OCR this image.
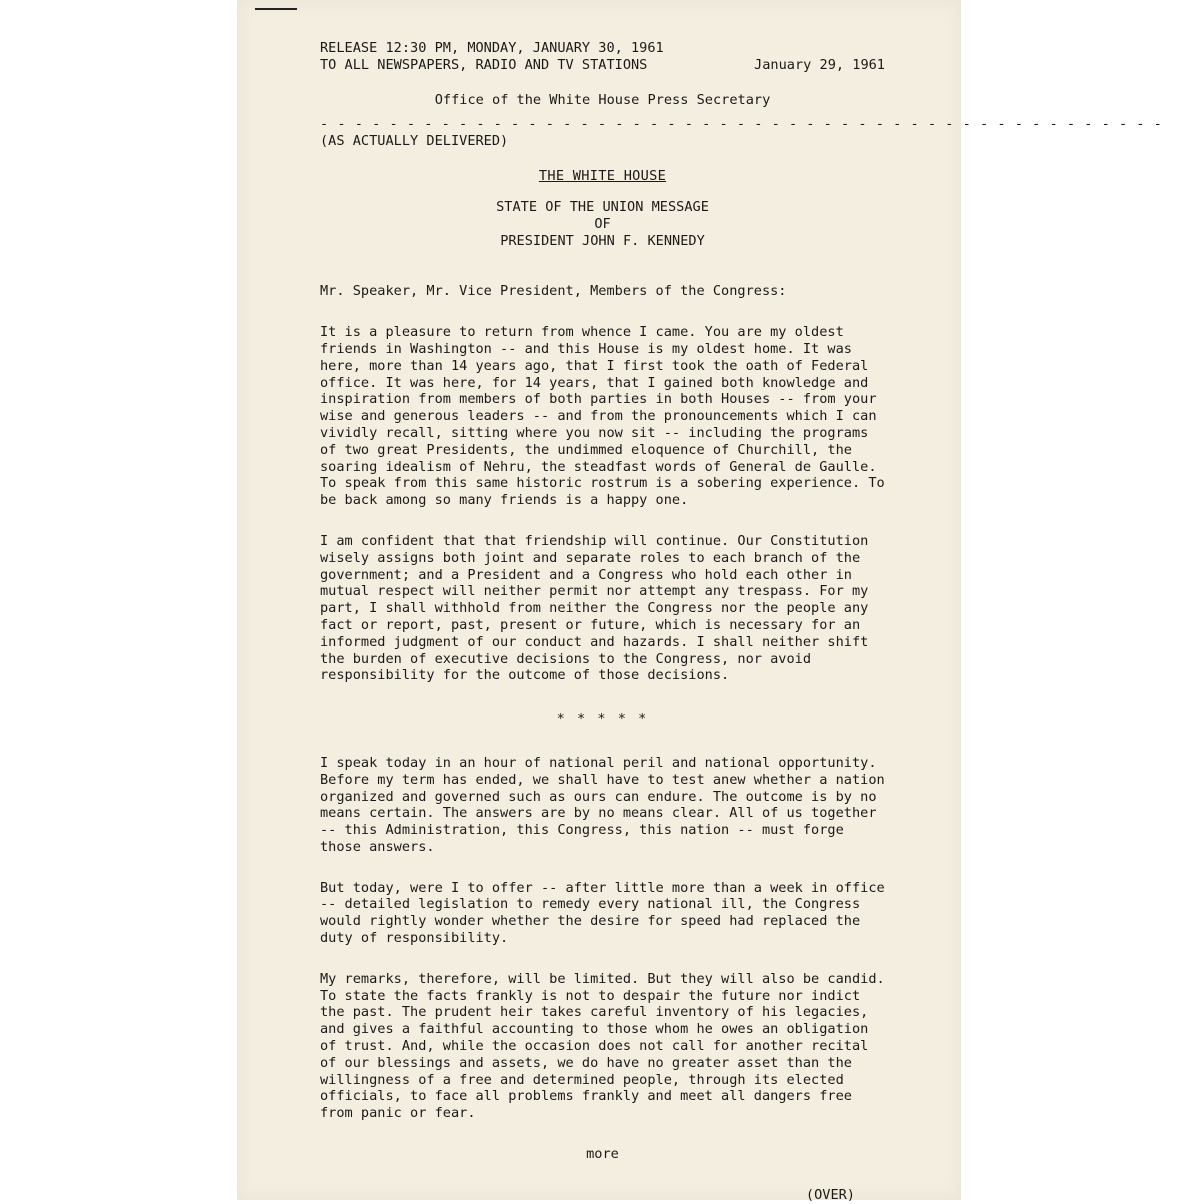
RELEASE 12:30 PM, MONDAY, JANUARY 30, 1961
TO ALL NEWSPAPERS, RADIO AND TV STATIONS	January 29, 1961
Office of the White House Press Secretary
- - - - - - - - - - - - - - - - - - - - - - - - - - - - - - - - - - - - - - - - - - - - - - - - -
(AS ACTUALLY DELIVERED)
THE WHITE HOUSE
STATE OF THE UNION MESSAGE
OF
PRESIDENT JOHN F. KENNEDY
Mr. Speaker, Mr. Vice President, Members of the Congress:

It is a pleasure to return from whence I came. You are my oldest friends in Washington -- and this House is my oldest home. It was here, more than 14 years ago, that I first took the oath of Federal office. It was here, for 14 years, that I gained both knowledge and inspiration from members of both parties in both Houses -- from your wise and generous leaders -- and from the pronouncements which I can vividly recall, sitting where you now sit -- including the programs of two great Presidents, the undimmed eloquence of Churchill, the soaring idealism of Nehru, the steadfast words of General de Gaulle. To speak from this same historic rostrum is a sobering experience. To be back among so many friends is a happy one.

I am confident that that friendship will continue. Our Constitution wisely assigns both joint and separate roles to each branch of the government; and a President and a Congress who hold each other in mutual respect will neither permit nor attempt any trespass. For my part, I shall withhold from neither the Congress nor the people any fact or report, past, present or future, which is necessary for an informed judgment of our conduct and hazards. I shall neither shift the burden of executive decisions to the Congress, nor avoid responsibility for the outcome of those decisions.

* * * * *

I speak today in an hour of national peril and national opportunity. Before my term has ended, we shall have to test anew whether a nation organized and governed such as ours can endure. The outcome is by no means certain. The answers are by no means clear. All of us together -- this Administration, this Congress, this nation -- must forge those answers.

But today, were I to offer -- after little more than a week in office -- detailed legislation to remedy every national ill, the Congress would rightly wonder whether the desire for speed had replaced the duty of responsibility.

My remarks, therefore, will be limited. But they will also be candid. To state the facts frankly is not to despair the future nor indict the past. The prudent heir takes careful inventory of his legacies, and gives a faithful accounting to those whom he owes an obligation of trust. And, while the occasion does not call for another recital of our blessings and assets, we do have no greater asset than the willingness of a free and determined people, through its elected officials, to face all problems frankly and meet all dangers free from panic or fear.

more
(OVER)
